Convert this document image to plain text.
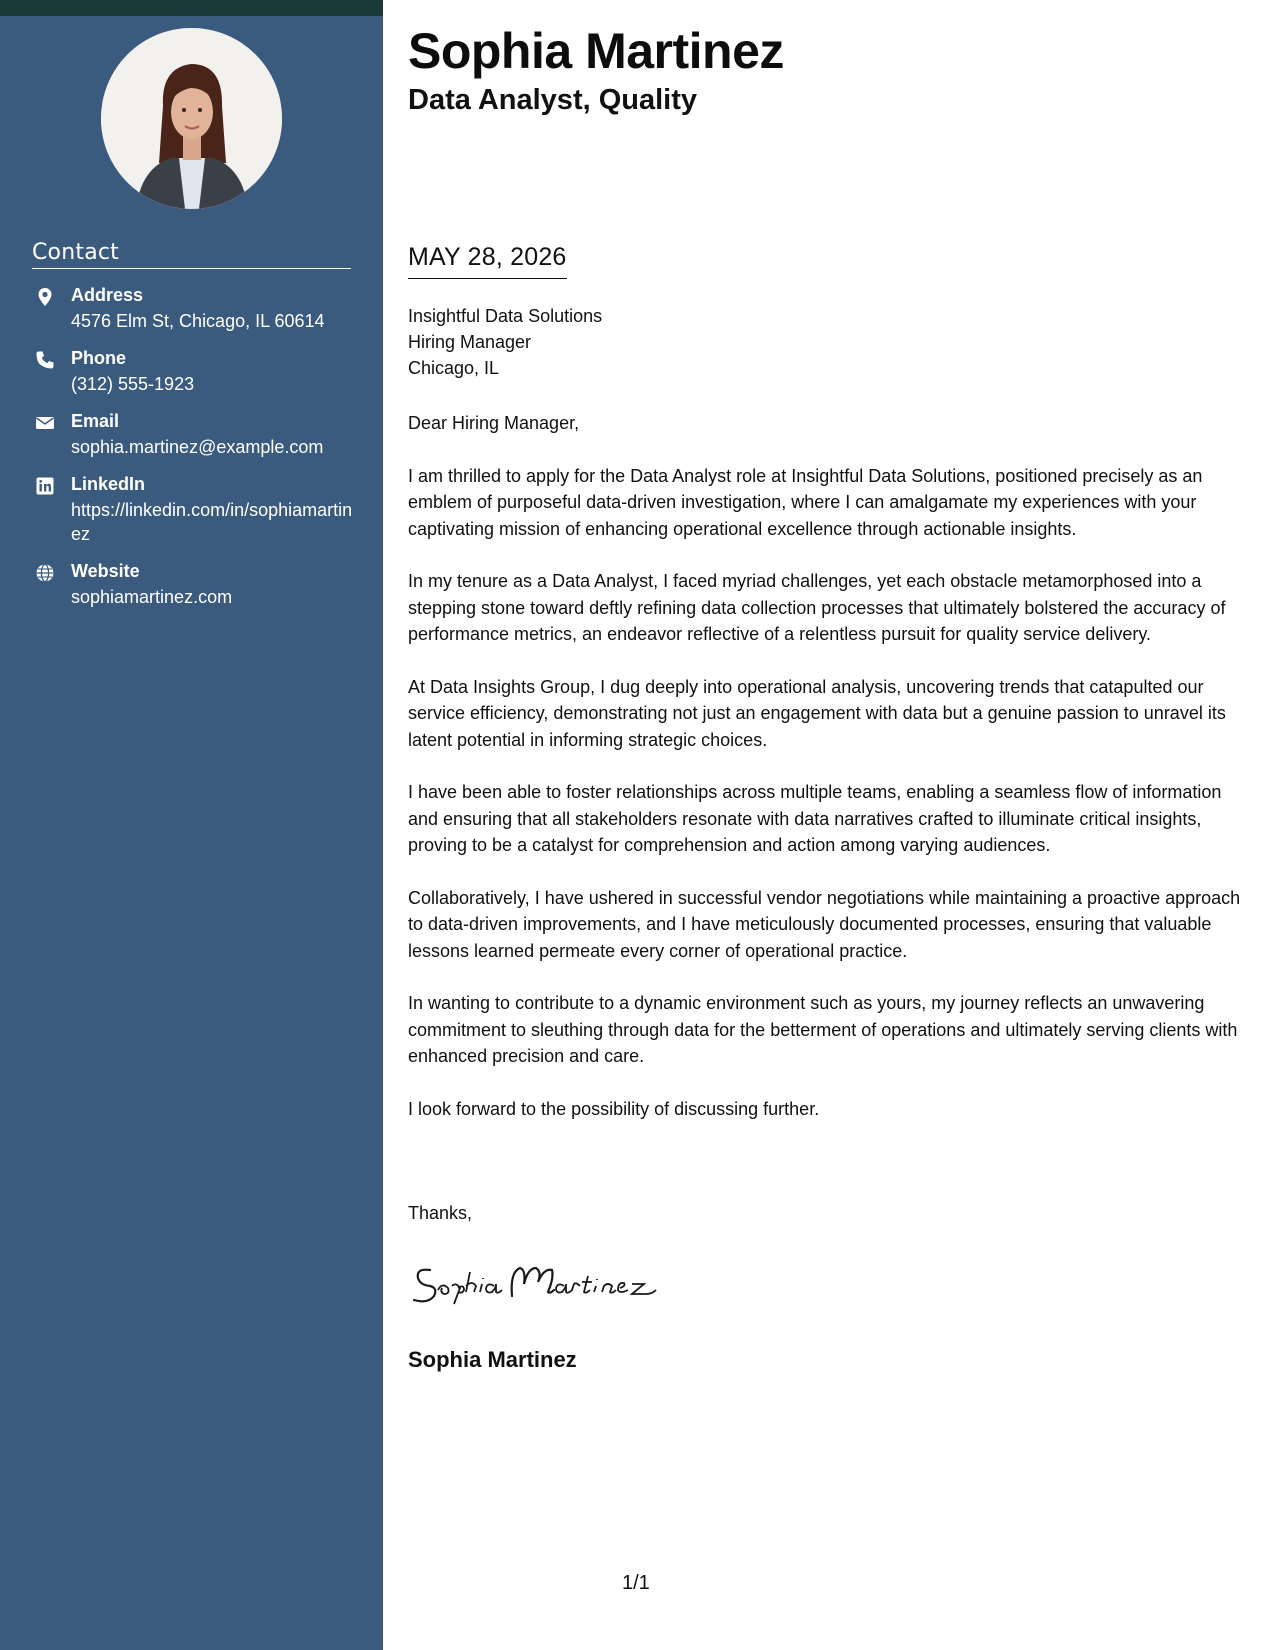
Contact
Address
4576 Elm St, Chicago, IL 60614
Phone
(312) 555-1923
Email
sophia.martinez@example.com
LinkedIn
https://linkedin.com/in/sophiamartinez
Website
sophiamartinez.com
Sophia Martinez
Data Analyst, Quality
MAY 28, 2026
Insightful Data Solutions
Hiring Manager
Chicago, IL

Dear Hiring Manager,

I am thrilled to apply for the Data Analyst role at Insightful Data Solutions, positioned precisely as an emblem of purposeful data-driven investigation, where I can amalgamate my experiences with your captivating mission of enhancing operational excellence through actionable insights.

In my tenure as a Data Analyst, I faced myriad challenges, yet each obstacle metamorphosed into a stepping stone toward deftly refining data collection processes that ultimately bolstered the accuracy of performance metrics, an endeavor reflective of a relentless pursuit for quality service delivery.

At Data Insights Group, I dug deeply into operational analysis, uncovering trends that catapulted our service efficiency, demonstrating not just an engagement with data but a genuine passion to unravel its latent potential in informing strategic choices.

I have been able to foster relationships across multiple teams, enabling a seamless flow of information and ensuring that all stakeholders resonate with data narratives crafted to illuminate critical insights, proving to be a catalyst for comprehension and action among varying audiences.

Collaboratively, I have ushered in successful vendor negotiations while maintaining a proactive approach to data-driven improvements, and I have meticulously documented processes, ensuring that valuable lessons learned permeate every corner of operational practice.

In wanting to contribute to a dynamic environment such as yours, my journey reflects an unwavering commitment to sleuthing through data for the betterment of operations and ultimately serving clients with enhanced precision and care.

I look forward to the possibility of discussing further.

Thanks,
Sophia Martinez
1/1
